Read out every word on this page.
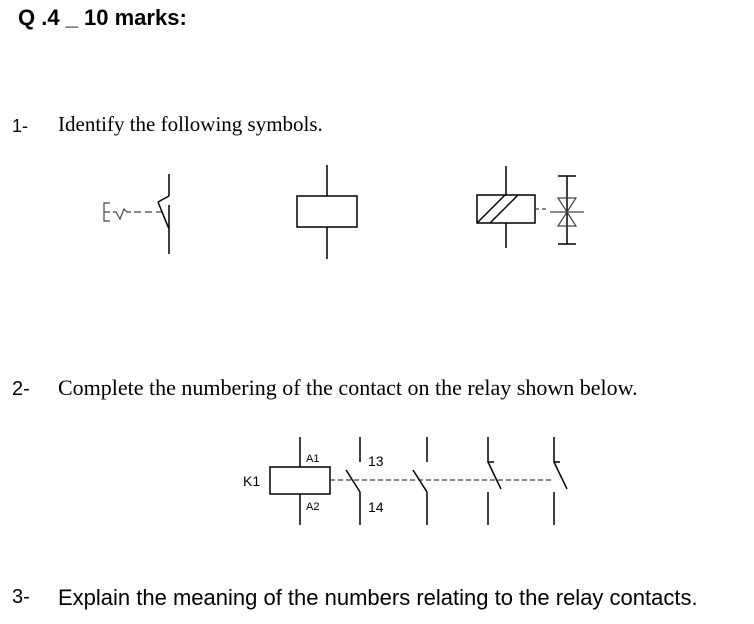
Q .4 _ 10 marks:
1- Identify the following symbols.
2- Complete the numbering of the contact on the relay shown below.
3- Explain the meaning of the numbers relating to the relay contacts.
K1
A1
A2
13
14
